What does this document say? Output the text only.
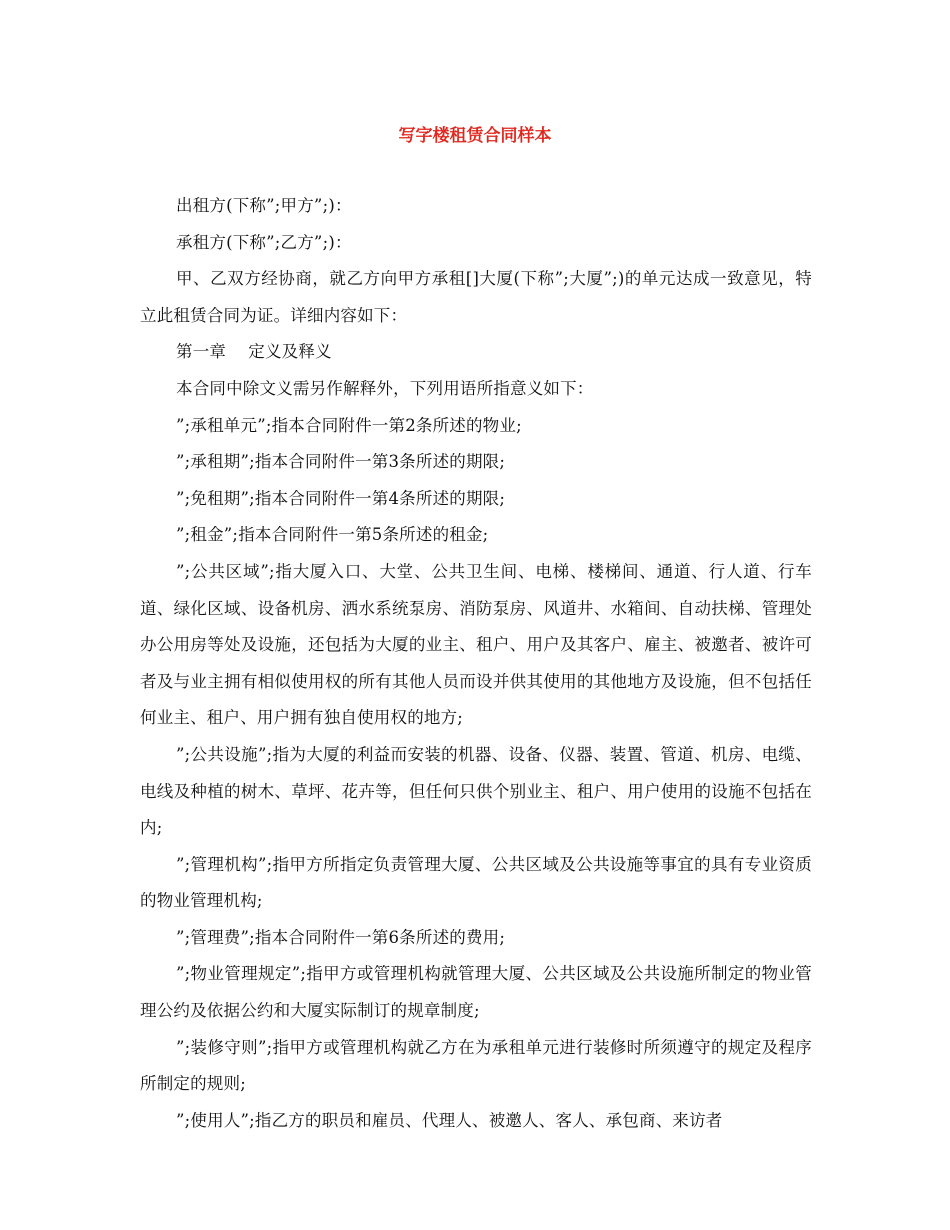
写字楼租赁合同样本

出租方(下称”;甲方”;)：

承租方(下称”;乙方”;)：

甲、乙双方经协商，就乙方向甲方承租[]大厦(下称”;大厦”;)的单元达成一致意见，特立此租赁合同为证。详细内容如下：

第一章　 定义及释义

本合同中除文义需另作解释外，下列用语所指意义如下：

”;承租单元”;指本合同附件一第2条所述的物业;

”;承租期”;指本合同附件一第3条所述的期限;

”;免租期”;指本合同附件一第4条所述的期限;

”;租金”;指本合同附件一第5条所述的租金;

”;公共区域”;指大厦入口、大堂、公共卫生间、电梯、楼梯间、通道、行人道、行车道、绿化区域、设备机房、洒水系统泵房、消防泵房、风道井、水箱间、自动扶梯、管理处办公用房等处及设施，还包括为大厦的业主、租户、用户及其客户、雇主、被邀者、被许可者及与业主拥有相似使用权的所有其他人员而设并供其使用的其他地方及设施，但不包括任何业主、租户、用户拥有独自使用权的地方;

”;公共设施”;指为大厦的利益而安装的机器、设备、仪器、装置、管道、机房、电缆、电线及种植的树木、草坪、花卉等，但任何只供个别业主、租户、用户使用的设施不包括在内;

”;管理机构”;指甲方所指定负责管理大厦、公共区域及公共设施等事宜的具有专业资质的物业管理机构;

”;管理费”;指本合同附件一第6条所述的费用;

”;物业管理规定”;指甲方或管理机构就管理大厦、公共区域及公共设施所制定的物业管理公约及依据公约和大厦实际制订的规章制度;

”;装修守则”;指甲方或管理机构就乙方在为承租单元进行装修时所须遵守的规定及程序所制定的规则;

”;使用人”;指乙方的职员和雇员、代理人、被邀人、客人、承包商、来访者
